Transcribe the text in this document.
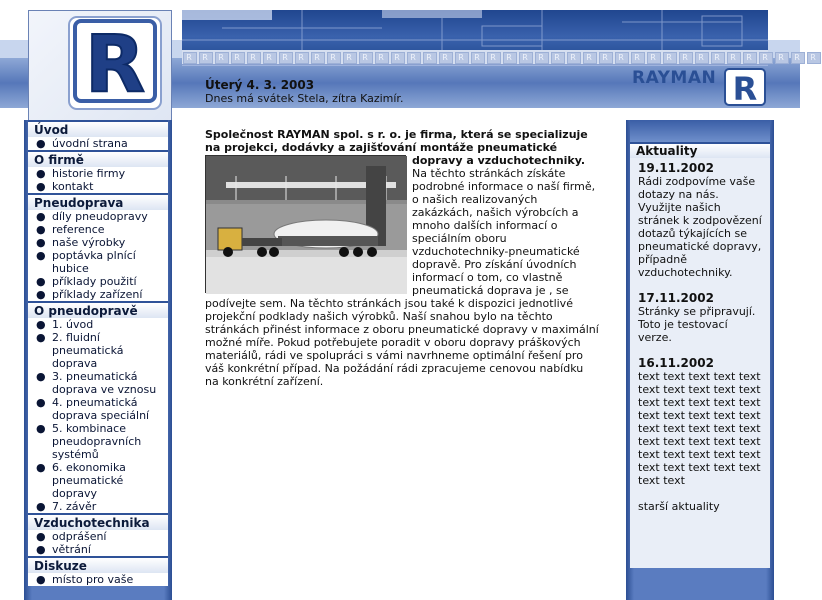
R	R R R R R R R R R R R R R R R R R R R R R R R R R R R R R R R R R R R R R R R R
RAYMAN R
Úvod
● úvodní strana
O firmě
● historie firmy
● kontakt
Pneudoprava
● díly pneudopravy
● reference
● naše výrobky
● poptávka plnící hubice
● příklady použití
● příklady zařízení
O pneudopravě
● 1. úvod
● 2. fluidní pneumatická doprava
● 3. pneumatická doprava ve vznosu
● 4. pneumatická doprava speciální
● 5. kombinace pneudopravních systémů
● 6. ekonomika pneumatické dopravy
● 7. závěr
Vzduchotechnika
● odprášení
● větrání
Diskuze
● místo pro vaše
Úterý 4. 3. 2003
Dnes má svátek Stela, zítra Kazimír.
Společnost RAYMAN spol. s r. o. je firma, která se specializuje na projekci, dodávky a zajišťování montáže pneumatické dopravy a vzduchotechniky.
Na těchto stránkách získáte podrobné informace o naší firmě, o našich realizovaných zakázkách, našich výrobcích a mnoho dalších informací o speciálním oboru vzduchotechniky-pneumatické dopravě. Pro získání úvodních informací o tom, co vlastně pneumatická doprava je , se podívejte sem. Na těchto stránkách jsou také k dispozici jednotlivé projekční podklady našich výrobků. Naší snahou bylo na těchto stránkách přinést informace z oboru pneumatické dopravy v maximální možné míře. Pokud potřebujete poradit v oboru dopravy práškových materiálů, rádi ve spolupráci s vámi navrhneme optimální řešení pro váš konkrétní případ. Na požádání rádi zpracujeme cenovou nabídku na konkrétní zařízení.
Aktuality
19.11.2002
Rádi zodpovíme vaše dotazy na nás. Využijte našich stránek k zodpovězení dotazů týkajících se pneumatické dopravy, případně vzduchotechniky.
17.11.2002
Stránky se připravují. Toto je testovací verze.
16.11.2002
text text text text text text text text text text text text text text text text text text text text text text text text text text text text text text text text text text text text text text text text text text
starší aktuality
